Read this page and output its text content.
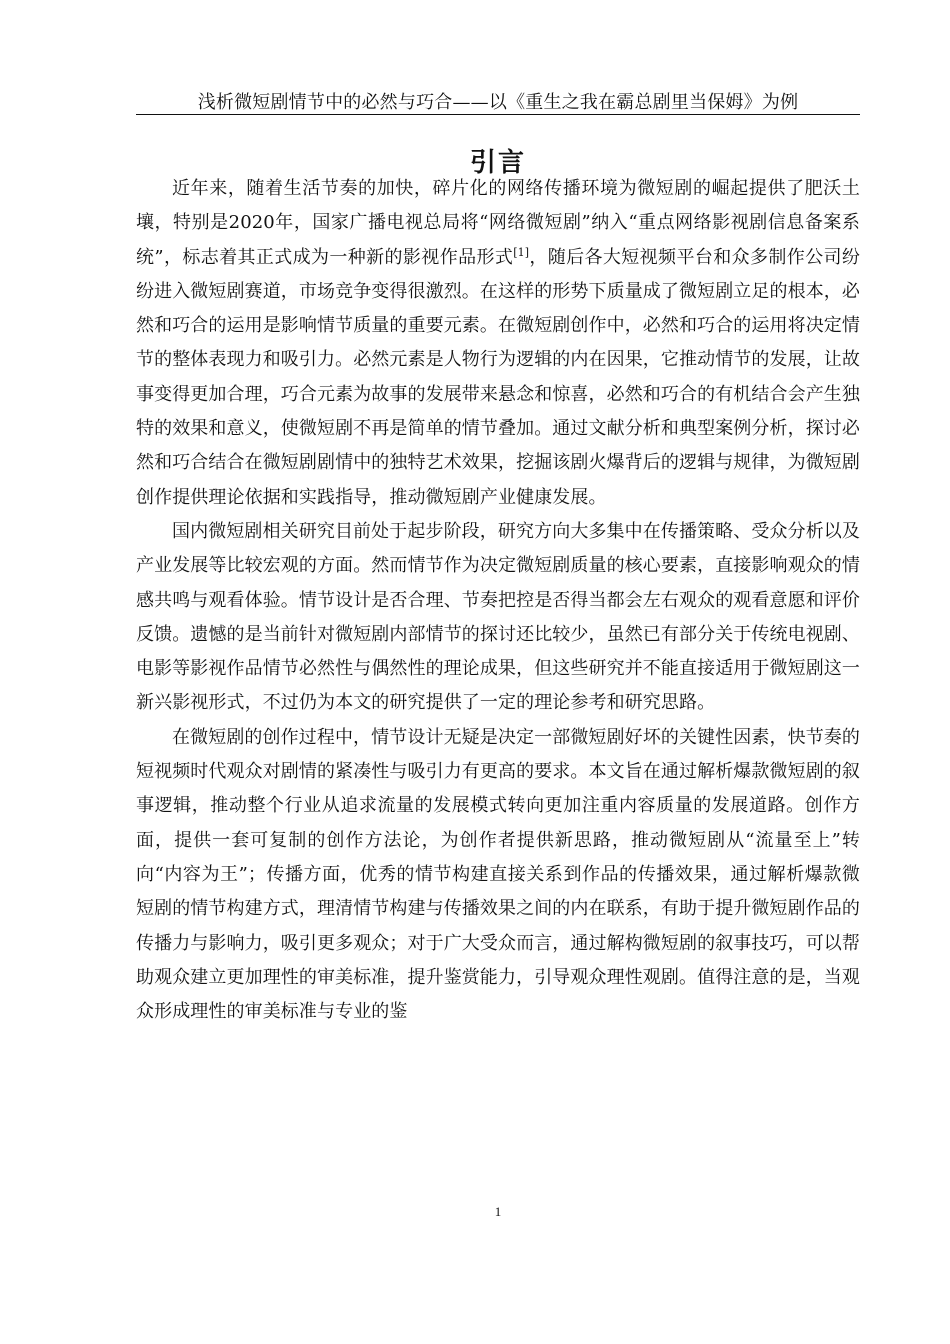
浅析微短剧情节中的必然与巧合——以《重生之我在霸总剧里当保姆》为例
引言

近年来，随着生活节奏的加快，碎片化的网络传播环境为微短剧的崛起提供了肥沃土壤，特别是2020年，国家广播电视总局将“网络微短剧”纳入“重点网络影视剧信息备案系统”，标志着其正式成为一种新的影视作品形式[1]，随后各大短视频平台和众多制作公司纷纷进入微短剧赛道，市场竞争变得很激烈。在这样的形势下质量成了微短剧立足的根本，必然和巧合的运用是影响情节质量的重要元素。在微短剧创作中，必然和巧合的运用将决定情节的整体表现力和吸引力。必然元素是人物行为逻辑的内在因果，它推动情节的发展，让故事变得更加合理，巧合元素为故事的发展带来悬念和惊喜，必然和巧合的有机结合会产生独特的效果和意义，使微短剧不再是简单的情节叠加。通过文献分析和典型案例分析，探讨必然和巧合结合在微短剧剧情中的独特艺术效果，挖掘该剧火爆背后的逻辑与规律，为微短剧创作提供理论依据和实践指导，推动微短剧产业健康发展。

国内微短剧相关研究目前处于起步阶段，研究方向大多集中在传播策略、受众分析以及产业发展等比较宏观的方面。然而情节作为决定微短剧质量的核心要素，直接影响观众的情感共鸣与观看体验。情节设计是否合理、节奏把控是否得当都会左右观众的观看意愿和评价反馈。遗憾的是当前针对微短剧内部情节的探讨还比较少，虽然已有部分关于传统电视剧、电影等影视作品情节必然性与偶然性的理论成果，但这些研究并不能直接适用于微短剧这一新兴影视形式，不过仍为本文的研究提供了一定的理论参考和研究思路。

在微短剧的创作过程中，情节设计无疑是决定一部微短剧好坏的关键性因素，快节奏的短视频时代观众对剧情的紧凑性与吸引力有更高的要求。本文旨在通过解析爆款微短剧的叙事逻辑，推动整个行业从追求流量的发展模式转向更加注重内容质量的发展道路。创作方面，提供一套可复制的创作方法论，为创作者提供新思路，推动微短剧从“流量至上”转向“内容为王”；传播方面，优秀的情节构建直接关系到作品的传播效果，通过解析爆款微短剧的情节构建方式，理清情节构建与传播效果之间的内在联系，有助于提升微短剧作品的传播力与影响力，吸引更多观众；对于广大受众而言，通过解构微短剧的叙事技巧，可以帮助观众建立更加理性的审美标准，提升鉴赏能力，引导观众理性观剧。值得注意的是，当观众形成理性的审美标准与专业的鉴

1
